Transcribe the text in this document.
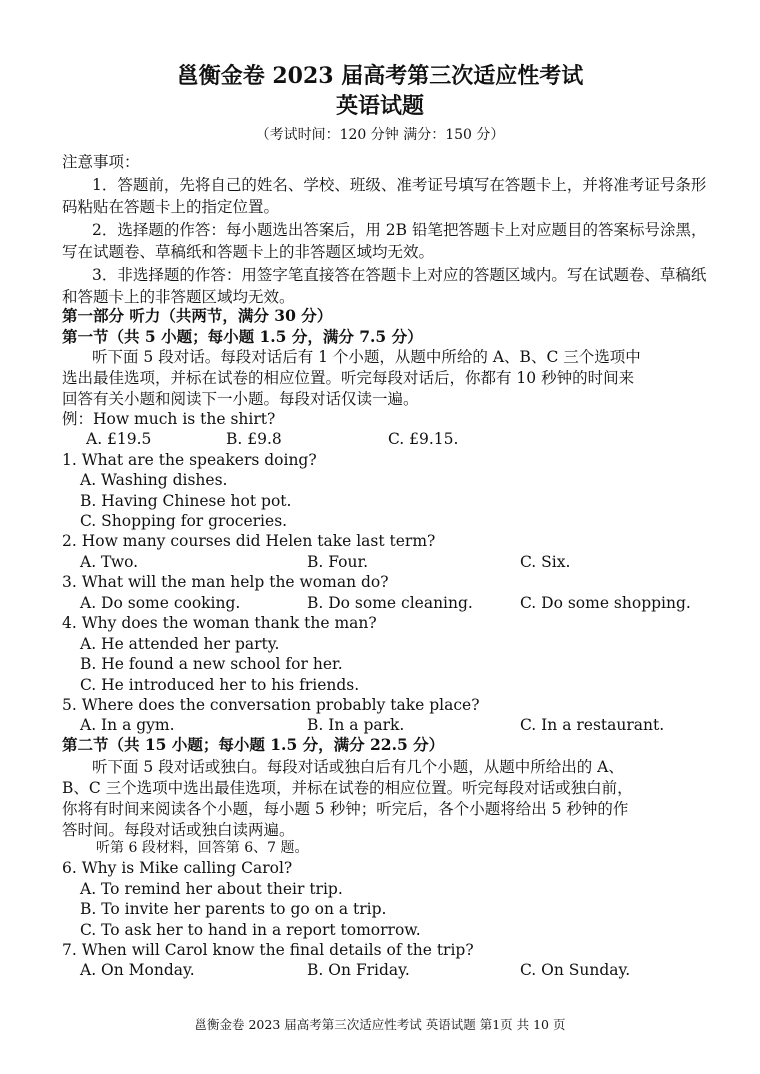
邕衡金卷 2023 届高考第三次适应性考试
英语试题
（考试时间：120 分钟 满分：150 分）
注意事项：
1．答题前，先将自己的姓名、学校、班级、准考证号填写在答题卡上，并将准考证号条形
码粘贴在答题卡上的指定位置。
2．选择题的作答：每小题选出答案后，用 2B 铅笔把答题卡上对应题目的答案标号涂黑，
写在试题卷、草稿纸和答题卡上的非答题区域均无效。
3．非选择题的作答：用签字笔直接答在答题卡上对应的答题区域内。写在试题卷、草稿纸
和答题卡上的非答题区域均无效。
第一部分 听力（共两节，满分 30 分）
第一节（共 5 小题；每小题 1.5 分，满分 7.5 分）
听下面 5 段对话。每段对话后有 1 个小题，从题中所给的 A、B、C 三个选项中
选出最佳选项，并标在试卷的相应位置。听完每段对话后，你都有 10 秒钟的时间来
回答有关小题和阅读下一小题。每段对话仅读一遍。
例：How much is the shirt?
A. £19.5	B. £9.8	C. £9.15.
1. What are the speakers doing?
A. Washing dishes.
B. Having Chinese hot pot.
C. Shopping for groceries.
2. How many courses did Helen take last term?
A. Two.	B. Four.	C. Six.
3. What will the man help the woman do?
A. Do some cooking.	B. Do some cleaning.	C. Do some shopping.
4. Why does the woman thank the man?
A. He attended her party.
B. He found a new school for her.
C. He introduced her to his friends.
5. Where does the conversation probably take place?
A. In a gym.	B. In a park.	C. In a restaurant.
第二节（共 15 小题；每小题 1.5 分，满分 22.5 分）
听下面 5 段对话或独白。每段对话或独白后有几个小题，从题中所给出的 A、
B、C 三个选项中选出最佳选项，并标在试卷的相应位置。听完每段对话或独白前，
你将有时间来阅读各个小题，每小题 5 秒钟；听完后，各个小题将给出 5 秒钟的作
答时间。每段对话或独白读两遍。
听第 6 段材料，回答第 6、7 题。
6. Why is Mike calling Carol?
A. To remind her about their trip.
B. To invite her parents to go on a trip.
C. To ask her to hand in a report tomorrow.
7. When will Carol know the final details of the trip?
A. On Monday.	B. On Friday.	C. On Sunday.
邕衡金卷 2023 届高考第三次适应性考试 英语试题 第1页 共 10 页
